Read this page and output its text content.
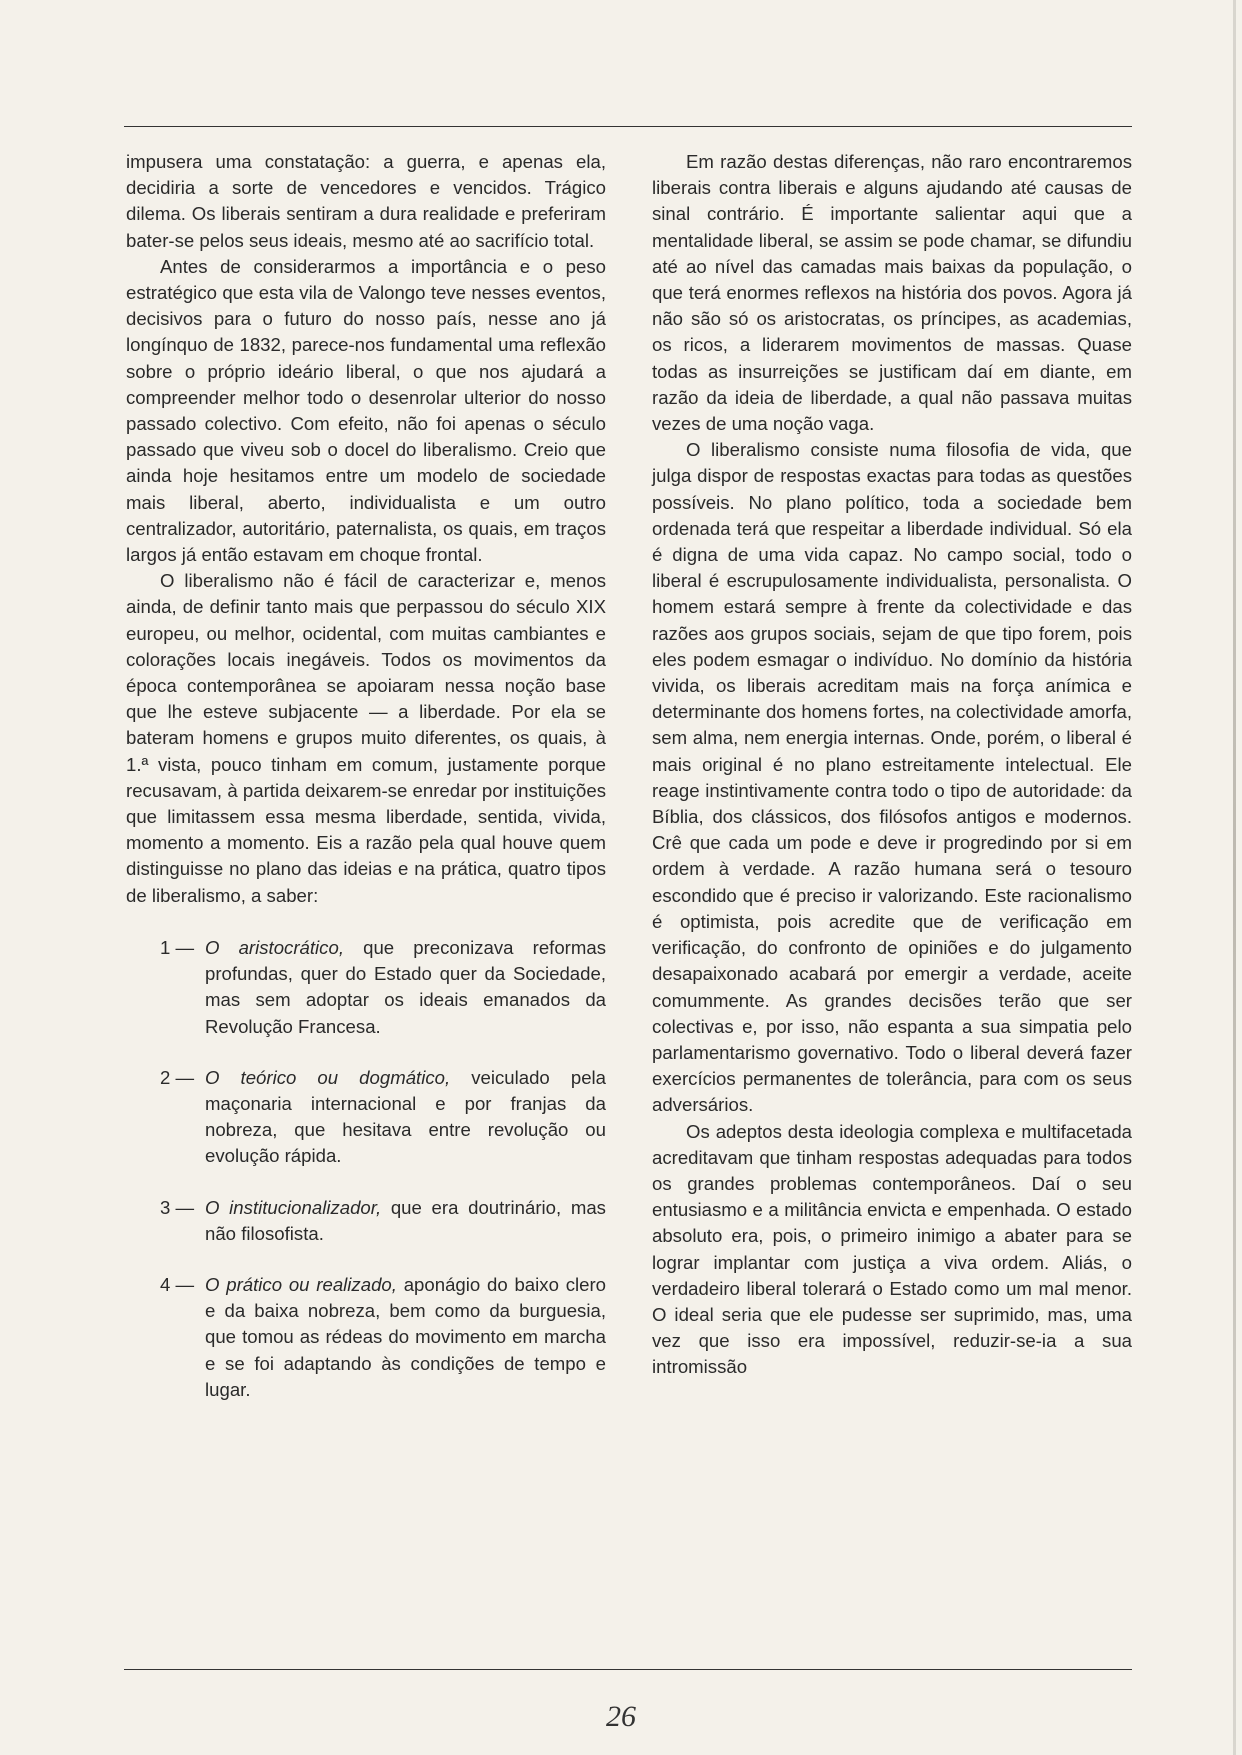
impusera uma constatação: a guerra, e apenas ela, decidiria a sorte de vencedores e vencidos. Trágico dilema. Os liberais sentiram a dura realidade e preferiram bater-se pelos seus ideais, mesmo até ao sacrifício total.

Antes de considerarmos a importância e o peso estratégico que esta vila de Valongo teve nesses eventos, decisivos para o futuro do nosso país, nesse ano já longínquo de 1832, parece-nos fundamental uma reflexão sobre o próprio ideário liberal, o que nos ajudará a compreender melhor todo o desenrolar ulterior do nosso passado colectivo. Com efeito, não foi apenas o século passado que viveu sob o docel do liberalismo. Creio que ainda hoje hesitamos entre um modelo de sociedade mais liberal, aberto, individualista e um outro centralizador, autoritário, paternalista, os quais, em traços largos já então estavam em choque frontal.

O liberalismo não é fácil de caracterizar e, menos ainda, de definir tanto mais que perpassou do século XIX europeu, ou melhor, ocidental, com muitas cambiantes e colorações locais inegáveis. Todos os movimentos da época contemporânea se apoiaram nessa noção base que lhe esteve subjacente — a liberdade. Por ela se bateram homens e grupos muito diferentes, os quais, à 1.ª vista, pouco tinham em comum, justamente porque recusavam, à partida deixarem-se enredar por instituições que limitassem essa mesma liberdade, sentida, vivida, momento a momento. Eis a razão pela qual houve quem distinguisse no plano das ideias e na prática, quatro tipos de liberalismo, a saber:

1 — O aristocrático, que preconizava reformas profundas, quer do Estado quer da Sociedade, mas sem adoptar os ideais emanados da Revolução Francesa.
2 — O teórico ou dogmático, veiculado pela maçonaria internacional e por franjas da nobreza, que hesitava entre revolução ou evolução rápida.
3 — O institucionalizador, que era doutrinário, mas não filosofista.
4 — O prático ou realizado, aponágio do baixo clero e da baixa nobreza, bem como da burguesia, que tomou as rédeas do movimento em marcha e se foi adaptando às condições de tempo e lugar.

Em razão destas diferenças, não raro encontraremos liberais contra liberais e alguns ajudando até causas de sinal contrário. É importante salientar aqui que a mentalidade liberal, se assim se pode chamar, se difundiu até ao nível das camadas mais baixas da população, o que terá enormes reflexos na história dos povos. Agora já não são só os aristocratas, os príncipes, as academias, os ricos, a liderarem movimentos de massas. Quase todas as insurreições se justificam daí em diante, em razão da ideia de liberdade, a qual não passava muitas vezes de uma noção vaga.

O liberalismo consiste numa filosofia de vida, que julga dispor de respostas exactas para todas as questões possíveis. No plano político, toda a sociedade bem ordenada terá que respeitar a liberdade individual. Só ela é digna de uma vida capaz. No campo social, todo o liberal é escrupulosamente individualista, personalista. O homem estará sempre à frente da colectividade e das razões aos grupos sociais, sejam de que tipo forem, pois eles podem esmagar o indivíduo. No domínio da história vivida, os liberais acreditam mais na força anímica e determinante dos homens fortes, na colectividade amorfa, sem alma, nem energia internas. Onde, porém, o liberal é mais original é no plano estreitamente intelectual. Ele reage instintivamente contra todo o tipo de autoridade: da Bíblia, dos clássicos, dos filósofos antigos e modernos. Crê que cada um pode e deve ir progredindo por si em ordem à verdade. A razão humana será o tesouro escondido que é preciso ir valorizando. Este racionalismo é optimista, pois acredite que de verificação em verificação, do confronto de opiniões e do julgamento desapaixonado acabará por emergir a verdade, aceite comummente. As grandes decisões terão que ser colectivas e, por isso, não espanta a sua simpatia pelo parlamentarismo governativo. Todo o liberal deverá fazer exercícios permanentes de tolerância, para com os seus adversários.

Os adeptos desta ideologia complexa e multifacetada acreditavam que tinham respostas adequadas para todos os grandes problemas contemporâneos. Daí o seu entusiasmo e a militância envicta e empenhada. O estado absoluto era, pois, o primeiro inimigo a abater para se lograr implantar com justiça a viva ordem. Aliás, o verdadeiro liberal tolerará o Estado como um mal menor. O ideal seria que ele pudesse ser suprimido, mas, uma vez que isso era impossível, reduzir-se-ia a sua intromissão

26
